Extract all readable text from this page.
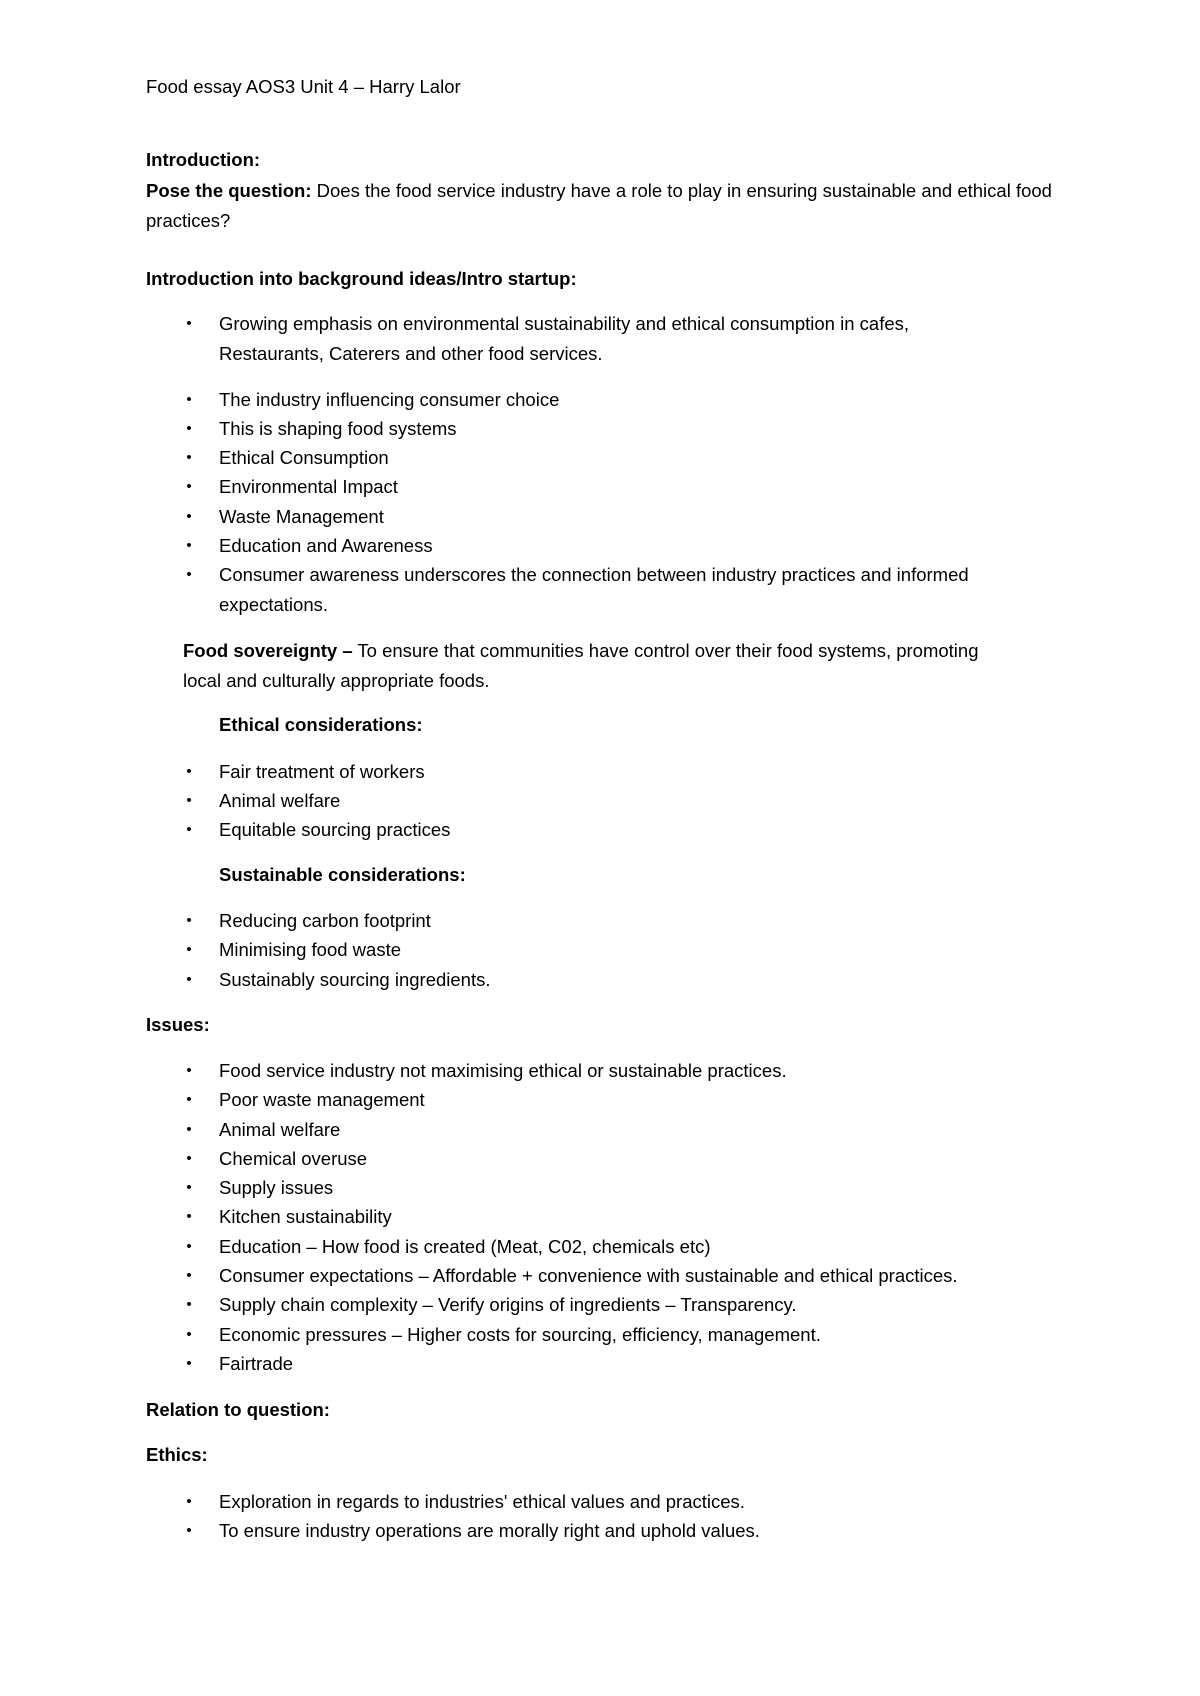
Food essay AOS3 Unit 4 – Harry Lalor
Introduction:
Pose the question: Does the food service industry have a role to play in ensuring sustainable and ethical food practices?
Introduction into background ideas/Intro startup:
• Growing emphasis on environmental sustainability and ethical consumption in cafes,
Restaurants, Caterers and other food services.
• The industry influencing consumer choice
• This is shaping food systems
• Ethical Consumption
• Environmental Impact
• Waste Management
• Education and Awareness
• Consumer awareness underscores the connection between industry practices and informed
expectations.
Food sovereignty – To ensure that communities have control over their food systems, promoting
local and culturally appropriate foods.
Ethical considerations:
• Fair treatment of workers
• Animal welfare
• Equitable sourcing practices
Sustainable considerations:
• Reducing carbon footprint
• Minimising food waste
• Sustainably sourcing ingredients.
Issues:
• Food service industry not maximising ethical or sustainable practices.
• Poor waste management
• Animal welfare
• Chemical overuse
• Supply issues
• Kitchen sustainability
• Education – How food is created (Meat, C02, chemicals etc)
• Consumer expectations – Affordable + convenience with sustainable and ethical practices.
• Supply chain complexity – Verify origins of ingredients – Transparency.
• Economic pressures – Higher costs for sourcing, efficiency, management.
• Fairtrade
Relation to question:
Ethics:
• Exploration in regards to industries' ethical values and practices.
• To ensure industry operations are morally right and uphold values.
